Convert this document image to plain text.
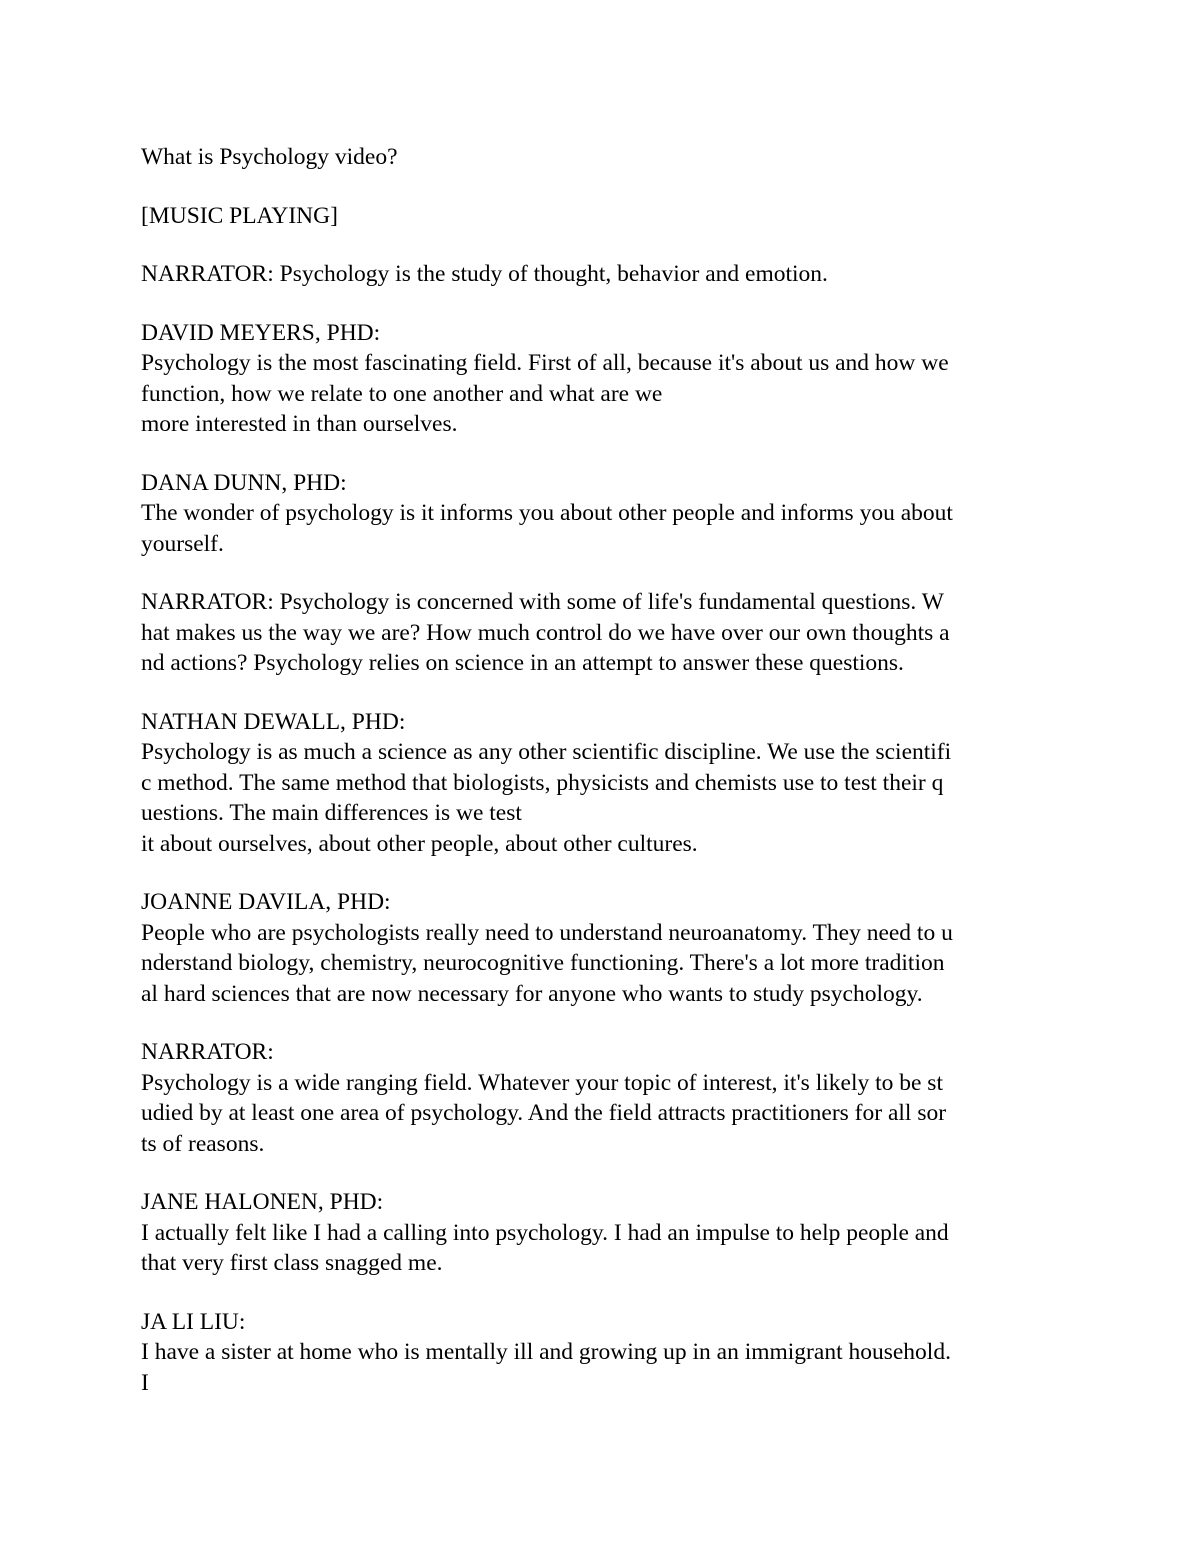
What is Psychology video?

[MUSIC PLAYING]

NARRATOR: Psychology is the study of thought, behavior and emotion.

DAVID MEYERS, PHD:
Psychology is the most fascinating field. First of all, because it's about us and how we
function, how we relate to one another and what are we
more interested in than ourselves.

DANA DUNN, PHD:
The wonder of psychology is it informs you about other people and informs you about
yourself.

NARRATOR: Psychology is concerned with some of life's fundamental questions. W
hat makes us the way we are? How much control do we have over our own thoughts a
nd actions? Psychology relies on science in an attempt to answer these questions.

NATHAN DEWALL, PHD:
Psychology is as much a science as any other scientific discipline. We use the scientifi
c method. The same method that biologists, physicists and chemists use to test their q
uestions. The main differences is we test
it about ourselves, about other people, about other cultures.

JOANNE DAVILA, PHD:
People who are psychologists really need to understand neuroanatomy. They need to u
nderstand biology, chemistry, neurocognitive functioning. There's a lot more tradition
al hard sciences that are now necessary for anyone who wants to study psychology.

NARRATOR:
Psychology is a wide ranging field. Whatever your topic of interest, it's likely to be st
udied by at least one area of psychology. And the field attracts practitioners for all sor
ts of reasons.

JANE HALONEN, PHD:
I actually felt like I had a calling into psychology. I had an impulse to help people and
that very first class snagged me.

JA LI LIU:
I have a sister at home who is mentally ill and growing up in an immigrant household.
I
